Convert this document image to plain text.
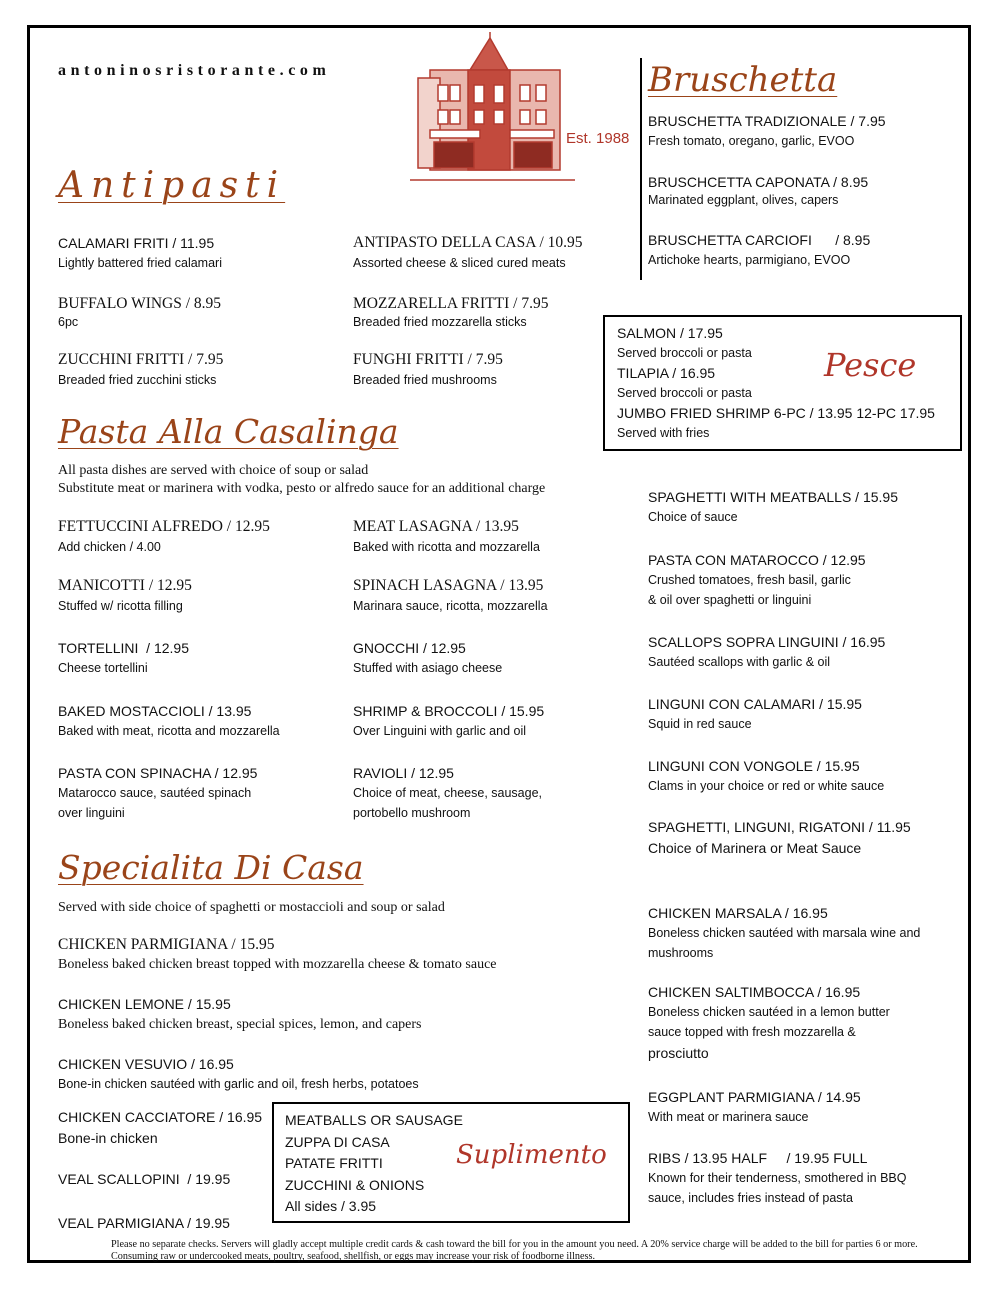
antoninosristorante.com
Est. 1988
Bruschetta
BRUSCHETTA TRADIZIONALE / 7.95
Fresh tomato, oregano, garlic, EVOO
BRUSCHCETTA CAPONATA / 8.95
Marinated eggplant, olives, capers
BRUSCHETTA CARCIOFI      / 8.95
Artichoke hearts, parmigiano, EVOO
Antipasti
CALAMARI FRITI / 11.95
Lightly battered fried calamari
ANTIPASTO DELLA CASA / 10.95
Assorted cheese & sliced cured meats
BUFFALO WINGS / 8.95
6pc
MOZZARELLA FRITTI / 7.95
Breaded fried mozzarella sticks
ZUCCHINI FRITTI / 7.95
Breaded fried zucchini sticks
FUNGHI FRITTI / 7.95
Breaded fried mushrooms
SALMON / 17.95
Served broccoli or pasta
TILAPIA / 16.95
Served broccoli or pasta
JUMBO FRIED SHRIMP 6-PC / 13.95 12-PC 17.95
Served with fries
Pesce
Pasta Alla Casalinga
All pasta dishes are served with choice of soup or salad
Substitute meat or marinera with vodka, pesto or alfredo sauce for an additional charge
FETTUCCINI ALFREDO / 12.95
Add chicken / 4.00
MEAT LASAGNA / 13.95
Baked with ricotta and mozzarella
MANICOTTI / 12.95
Stuffed w/ ricotta filling
SPINACH LASAGNA / 13.95
Marinara sauce, ricotta, mozzarella
TORTELLINI  / 12.95
Cheese tortellini
GNOCCHI / 12.95
Stuffed with asiago cheese
BAKED MOSTACCIOLI / 13.95
Baked with meat, ricotta and mozzarella
SHRIMP & BROCCOLI / 15.95
Over Linguini with garlic and oil
PASTA CON SPINACHA / 12.95
Matarocco sauce, sautéed spinach
over linguini
RAVIOLI / 12.95
Choice of meat, cheese, sausage,
portobello mushroom
SPAGHETTI WITH MEATBALLS / 15.95
Choice of sauce
PASTA CON MATAROCCO / 12.95
Crushed tomatoes, fresh basil, garlic
& oil over spaghetti or linguini
SCALLOPS SOPRA LINGUINI / 16.95
Sautéed scallops with garlic & oil
LINGUNI CON CALAMARI / 15.95
Squid in red sauce
LINGUNI CON VONGOLE / 15.95
Clams in your choice or red or white sauce
SPAGHETTI, LINGUNI, RIGATONI / 11.95
Choice of Marinera or Meat Sauce
Specialita Di Casa
Served with side choice of spaghetti or mostaccioli and soup or salad
CHICKEN PARMIGIANA / 15.95
Boneless baked chicken breast topped with mozzarella cheese & tomato sauce
CHICKEN LEMONE / 15.95
Boneless baked chicken breast, special spices, lemon, and capers
CHICKEN VESUVIO / 16.95
Bone-in chicken sautéed with garlic and oil, fresh herbs, potatoes
CHICKEN CACCIATORE / 16.95
Bone-in chicken
VEAL SCALLOPINI  / 19.95
VEAL PARMIGIANA / 19.95
CHICKEN MARSALA / 16.95
Boneless chicken sautéed with marsala wine and
mushrooms
CHICKEN SALTIMBOCCA / 16.95
Boneless chicken sautéed in a lemon butter
sauce topped with fresh mozzarella &
prosciutto
EGGPLANT PARMIGIANA / 14.95
With meat or marinera sauce
RIBS / 13.95 HALF     / 19.95 FULL
Known for their tenderness, smothered in BBQ
sauce, includes fries instead of pasta
MEATBALLS OR SAUSAGE
ZUPPA DI CASA
PATATE FRITTI
ZUCCHINI & ONIONS
All sides / 3.95
Suplimento
Please no separate checks. Servers will gladly accept multiple credit cards & cash toward the bill for you in the amount you need. A 20% service charge will be added to the bill for parties 6 or more. Consuming raw or undercooked meats, poultry, seafood, shellfish, or eggs may increase your risk of foodborne illness.
